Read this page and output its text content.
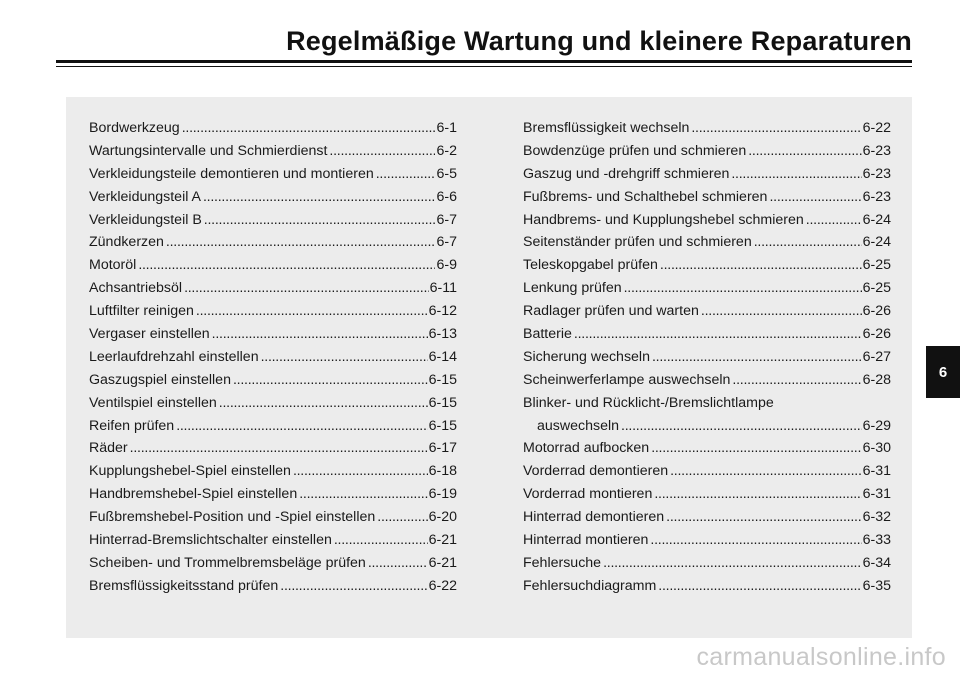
Regelmäßige Wartung und kleinere Reparaturen
Bordwerkzeug . . .	6-1
Wartungsintervalle und Schmierdienst . . .	6-2
Verkleidungsteile demontieren und montieren . . .	6-5
Verkleidungsteil A . . .	6-6
Verkleidungsteil B . . .	6-7
Zündkerzen . . .	6-7
Motoröl . . .	6-9
Achsantriebsöl . . .	6-11
Luftfilter reinigen . . .	6-12
Vergaser einstellen . . .	6-13
Leerlaufdrehzahl einstellen . . .	6-14
Gaszugspiel einstellen . . .	6-15
Ventilspiel einstellen . . .	6-15
Reifen prüfen . . .	6-15
Räder . . .	6-17
Kupplungshebel-Spiel einstellen . . .	6-18
Handbremshebel-Spiel einstellen . . .	6-19
Fußbremshebel-Position und -Spiel einstellen . . .	6-20
Hinterrad-Bremslichtschalter einstellen . . .	6-21
Scheiben- und Trommelbremsbeläge prüfen . . .	6-21
Bremsflüssigkeitsstand prüfen . . .	6-22
Bremsflüssigkeit wechseln . . .	6-22
Bowdenzüge prüfen und schmieren . . .	6-23
Gaszug und -drehgriff schmieren . . .	6-23
Fußbrems- und Schalthebel schmieren . . .	6-23
Handbrems- und Kupplungshebel schmieren . . .	6-24
Seitenständer prüfen und schmieren . . .	6-24
Teleskopgabel prüfen . . .	6-25
Lenkung prüfen . . .	6-25
Radlager prüfen und warten . . .	6-26
Batterie . . .	6-26
Sicherung wechseln . . .	6-27
Scheinwerferlampe auswechseln . . .	6-28
Blinker- und Rücklicht-/Bremslichtlampe
auswechseln . . .	6-29
Motorrad aufbocken . . .	6-30
Vorderrad demontieren . . .	6-31
Vorderrad montieren . . .	6-31
Hinterrad demontieren . . .	6-32
Hinterrad montieren . . .	6-33
Fehlersuche . . .	6-34
Fehlersuchdiagramm . . .	6-35
6
carmanualsonline.info
